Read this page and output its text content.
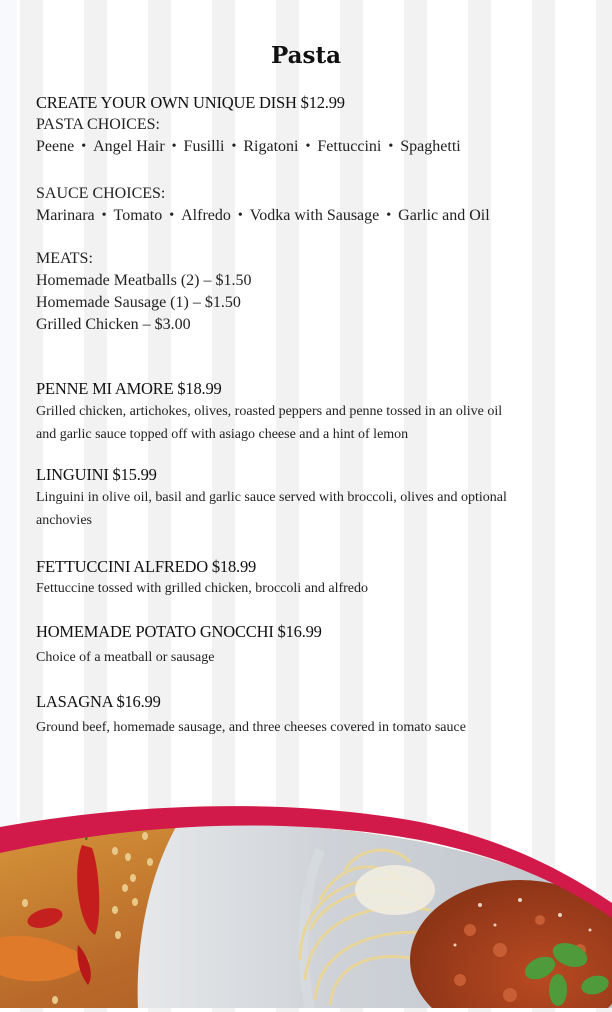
Pasta
CREATE YOUR OWN UNIQUE DISH $12.99
PASTA CHOICES:
Peene • Angel Hair • Fusilli • Rigatoni • Fettuccini • Spaghetti
SAUCE CHOICES:
Marinara • Tomato • Alfredo • Vodka with Sausage • Garlic and Oil
MEATS:
Homemade Meatballs (2) – $1.50
Homemade Sausage (1) – $1.50
Grilled Chicken – $3.00
PENNE MI AMORE $18.99
Grilled chicken, artichokes, olives, roasted peppers and penne tossed in an olive oil
and garlic sauce topped off with asiago cheese and a hint of lemon
LINGUINI $15.99
Linguini in olive oil, basil and garlic sauce served with broccoli, olives and optional
anchovies
FETTUCCINI ALFREDO $18.99
Fettuccine tossed with grilled chicken, broccoli and alfredo
HOMEMADE POTATO GNOCCHI $16.99
Choice of a meatball or sausage
LASAGNA $16.99
Ground beef, homemade sausage, and three cheeses covered in tomato sauce
